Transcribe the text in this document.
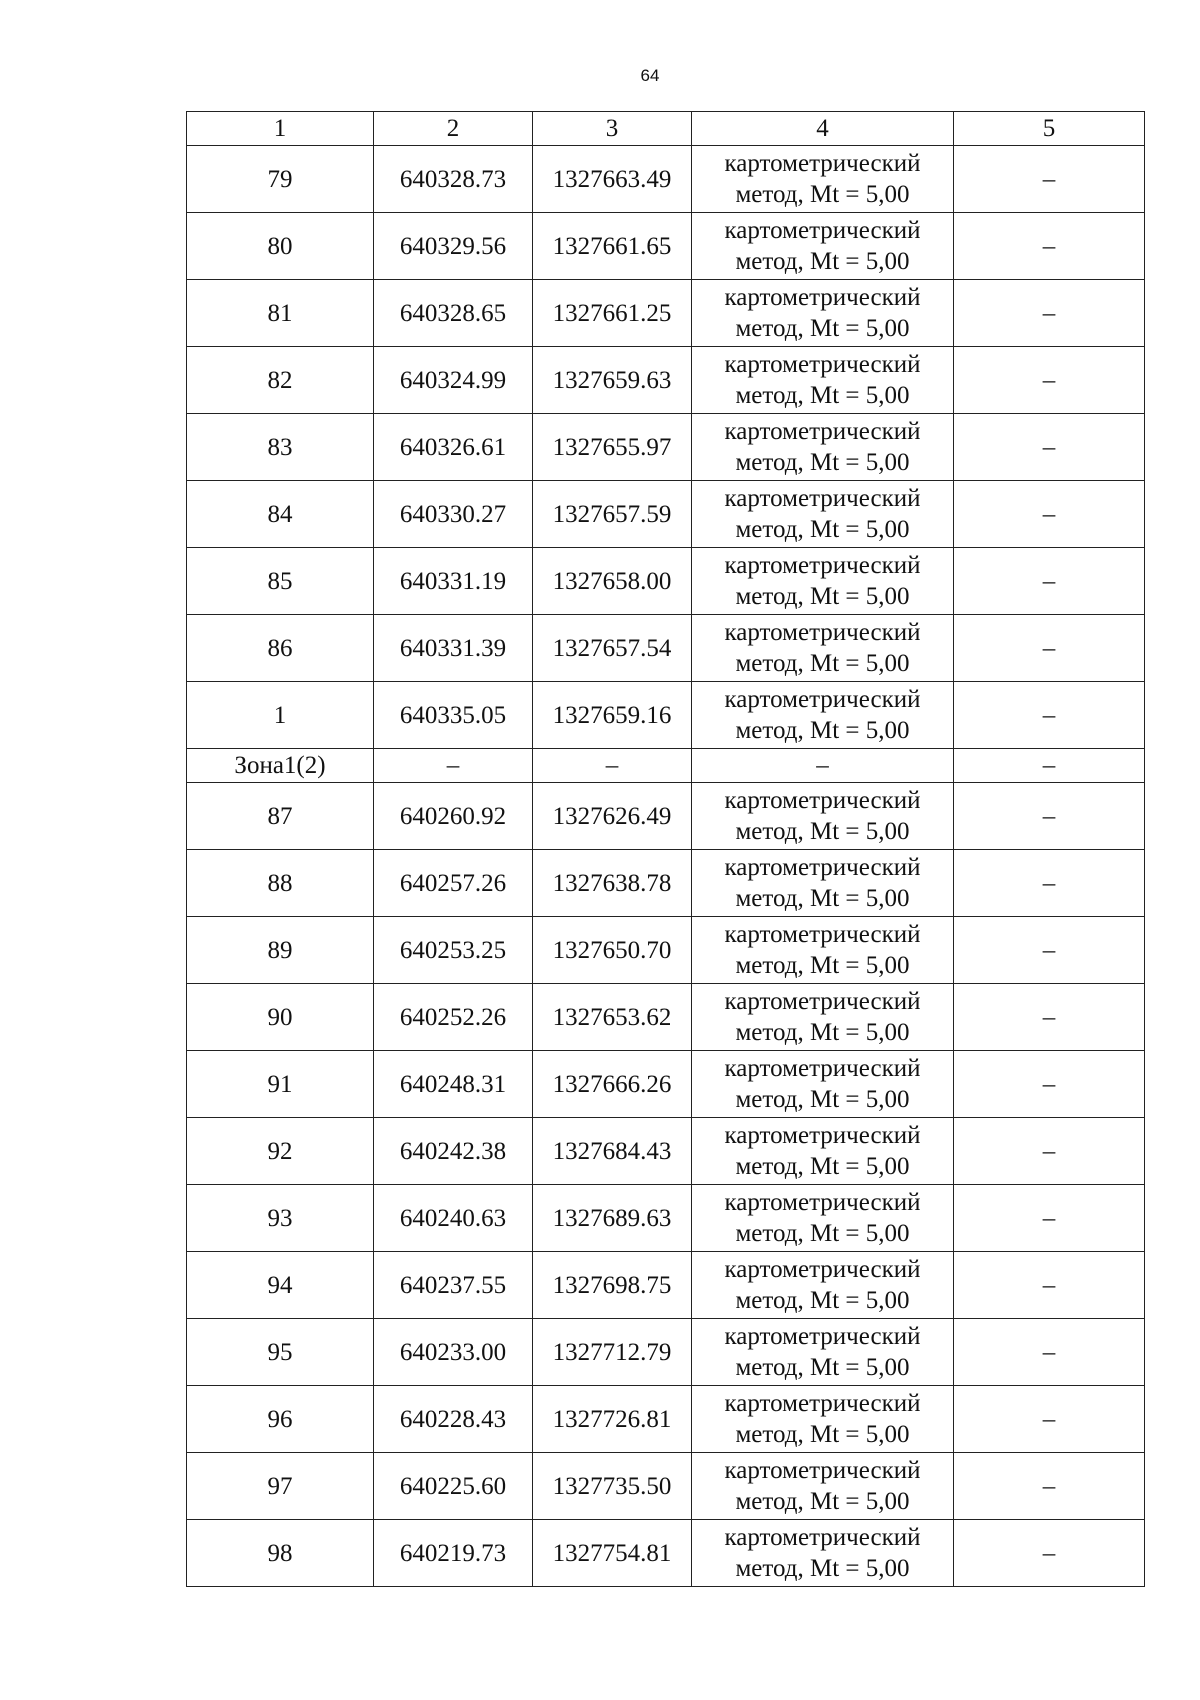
64
1	2	3	4	5
79	640328.73	1327663.49	картометрический
метод, Mt = 5,00	–
80	640329.56	1327661.65	картометрический
метод, Mt = 5,00	–
81	640328.65	1327661.25	картометрический
метод, Mt = 5,00	–
82	640324.99	1327659.63	картометрический
метод, Mt = 5,00	–
83	640326.61	1327655.97	картометрический
метод, Mt = 5,00	–
84	640330.27	1327657.59	картометрический
метод, Mt = 5,00	–
85	640331.19	1327658.00	картометрический
метод, Mt = 5,00	–
86	640331.39	1327657.54	картометрический
метод, Mt = 5,00	–
1	640335.05	1327659.16	картометрический
метод, Mt = 5,00	–
Зона1(2)	–	–	–	–
87	640260.92	1327626.49	картометрический
метод, Mt = 5,00	–
88	640257.26	1327638.78	картометрический
метод, Mt = 5,00	–
89	640253.25	1327650.70	картометрический
метод, Mt = 5,00	–
90	640252.26	1327653.62	картометрический
метод, Mt = 5,00	–
91	640248.31	1327666.26	картометрический
метод, Mt = 5,00	–
92	640242.38	1327684.43	картометрический
метод, Mt = 5,00	–
93	640240.63	1327689.63	картометрический
метод, Mt = 5,00	–
94	640237.55	1327698.75	картометрический
метод, Mt = 5,00	–
95	640233.00	1327712.79	картометрический
метод, Mt = 5,00	–
96	640228.43	1327726.81	картометрический
метод, Mt = 5,00	–
97	640225.60	1327735.50	картометрический
метод, Mt = 5,00	–
98	640219.73	1327754.81	картометрический
метод, Mt = 5,00	–
